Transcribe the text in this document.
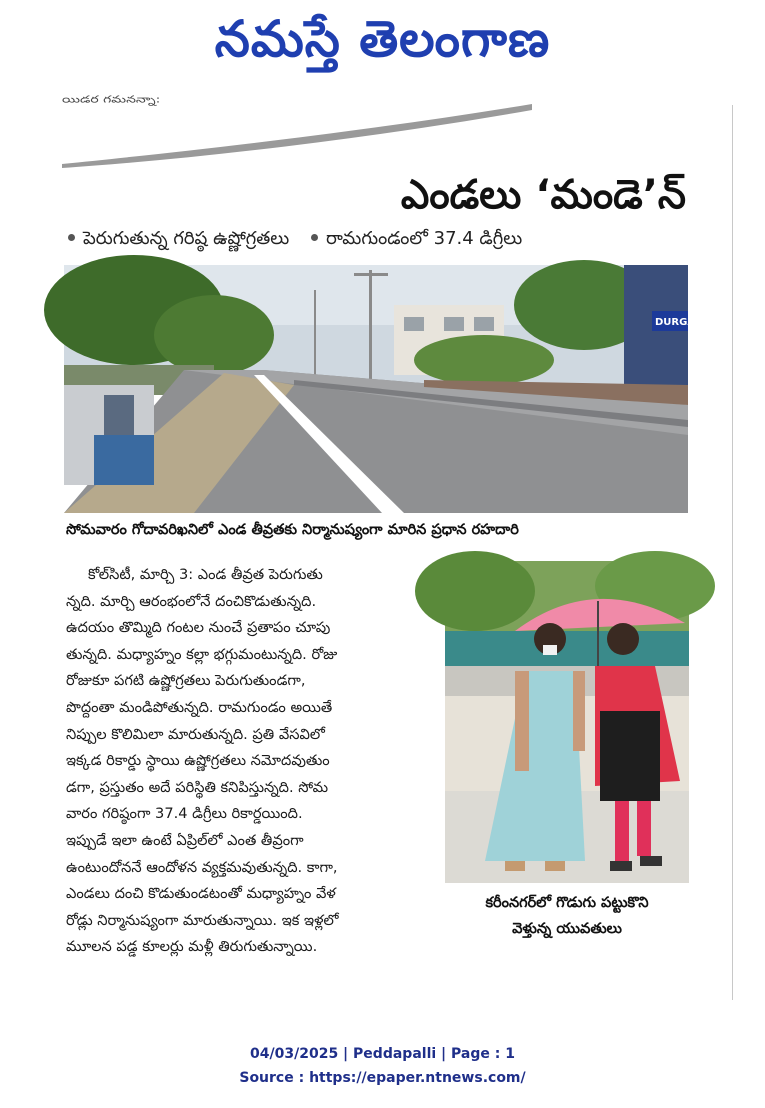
నమస్తే తెలంగాణ
యిడర గమనన్నా:
ఎండలు ‘మండె’న్
పెరుగుతున్న గరిష్ఠ ఉష్ణోగ్రతలు రామగుండంలో 37.4 డిగ్రీలు
DURGA
సోమవారం గోదావరిఖనిలో ఎండ తీవ్రతకు నిర్మానుష్యంగా మారిన ప్రధాన రహదారి
కోల్‌సిటీ, మార్చి 3: ఎండ తీవ్రత పెరుగుతు
న్నది. మార్చి ఆరంభంలోనే దంచికొడుతున్నది.
ఉదయం తొమ్మిది గంటల నుంచే ప్రతాపం చూపు
తున్నది. మధ్యాహ్నం కల్లా భగ్గుమంటున్నది. రోజు
రోజుకూ పగటి ఉష్ణోగ్రతలు పెరుగుతుండగా,
పొద్దంతా మండిపోతున్నది. రామగుండం అయితే
నిప్పుల కొలిమిలా మారుతున్నది. ప్రతి వేసవిలో
ఇక్కడ రికార్డు స్థాయి ఉష్ణోగ్రతలు నమోదవుతుం
డగా, ప్రస్తుతం అదే పరిస్థితి కనిపిస్తున్నది. సోమ
వారం గరిష్ఠంగా 37.4 డిగ్రీలు రికార్డయింది.
ఇప్పుడే ఇలా ఉంటే ఏప్రిల్‌లో ఎంత తీవ్రంగా
ఉంటుందోననే ఆందోళన వ్యక్తమవుతున్నది. కాగా,
ఎండలు దంచి కొడుతుండటంతో మధ్యాహ్నం వేళ
రోడ్లు నిర్మానుష్యంగా మారుతున్నాయి. ఇక ఇళ్లలో
మూలన పడ్డ కూలర్లు మళ్లీ తిరుగుతున్నాయి.
కరీంనగర్‌లో గొడుగు పట్టుకొని
వెళ్తున్న యువతులు
04/03/2025 | Peddapalli | Page : 1
Source : https://epaper.ntnews.com/
